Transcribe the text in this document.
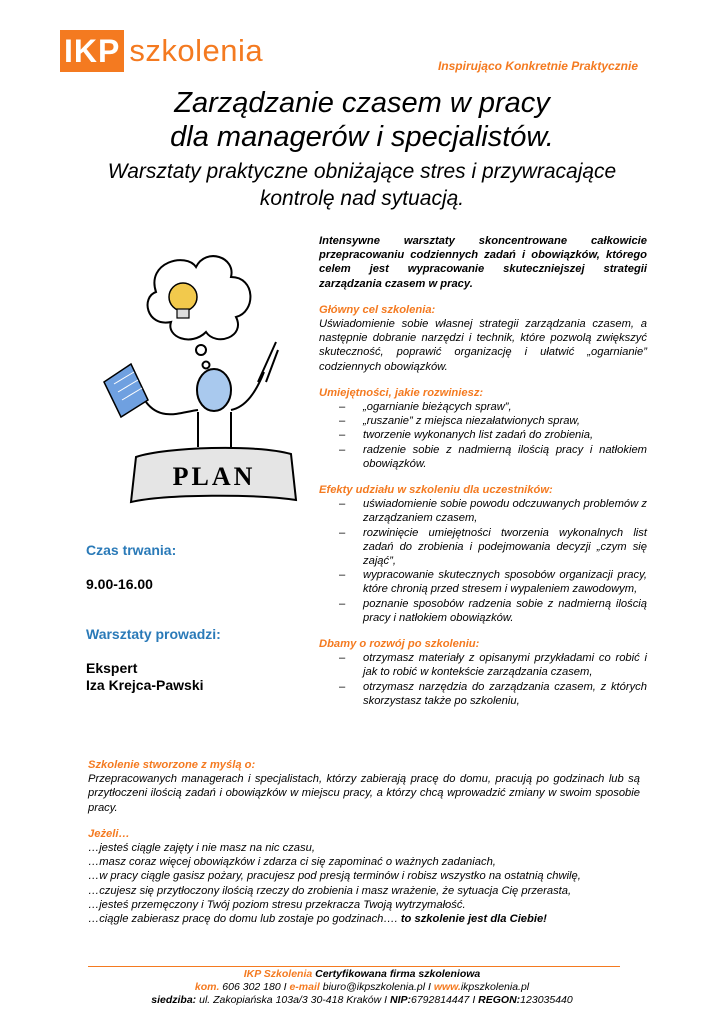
IKP szkolenia	Inspirująco Konkretnie Praktycznie
Zarządzanie czasem w pracy
dla managerów i specjalistów.
Warsztaty praktyczne obniżające stres i przywracające
kontrolę nad sytuacją.
PLAN
Czas trwania:
9.00-16.00
Warsztaty prowadzi:
Ekspert
Iza Krejca-Pawski

Intensywne warsztaty skoncentrowane całkowicie przepracowaniu codziennych zadań i obowiązków, którego celem jest wypracowanie skuteczniejszej strategii zarządzania czasem w pracy.

Główny cel szkolenia:

Uświadomienie sobie własnej strategii zarządzania czasem, a następnie dobranie narzędzi i technik, które pozwolą zwiększyć skuteczność, poprawić organizację i ułatwić „ogarnianie” codziennych obowiązków.

Umiejętności, jakie rozwiniesz:

– „ogarnianie bieżących spraw”,
– „ruszanie” z miejsca niezałatwionych spraw,
– tworzenie wykonanych list zadań do zrobienia,
– radzenie sobie z nadmierną ilością pracy i natłokiem obowiązków.

Efekty udziału w szkoleniu dla uczestników:

– uświadomienie sobie powodu odczuwanych problemów z zarządzaniem czasem,
– rozwinięcie umiejętności tworzenia wykonalnych list zadań do zrobienia i podejmowania decyzji „czym się zająć”,
– wypracowanie skutecznych sposobów organizacji pracy, które chronią przed stresem i wypaleniem zawodowym,
– poznanie sposobów radzenia sobie z nadmierną ilością pracy i natłokiem obowiązków.

Dbamy o rozwój po szkoleniu:

– otrzymasz materiały z opisanymi przykładami co robić i jak to robić w kontekście zarządzania czasem,
– otrzymasz narzędzia do zarządzania czasem, z których skorzystasz także po szkoleniu,

Szkolenie stworzone z myślą o:

Przepracowanych managerach i specjalistach, którzy zabierają pracę do domu, pracują po godzinach lub są przytłoczeni ilością zadań i obowiązków w miejscu pracy, a którzy chcą wprowadzić zmiany w swoim sposobie pracy.

Jeżeli…

…jesteś ciągle zajęty i nie masz na nic czasu,

…masz coraz więcej obowiązków i zdarza ci się zapominać o ważnych zadaniach,

…w pracy ciągle gasisz pożary, pracujesz pod presją terminów i robisz wszystko na ostatnią chwilę,

…czujesz się przytłoczony ilością rzeczy do zrobienia i masz wrażenie, że sytuacja Cię przerasta,

…jesteś przemęczony i Twój poziom stresu przekracza Twoją wytrzymałość.

…ciągle zabierasz pracę do domu lub zostaje po godzinach…. to szkolenie jest dla Ciebie!

IKP Szkolenia Certyfikowana firma szkoleniowa
kom. 606 302 180 I e-mail biuro@ikpszkolenia.pl I www.ikpszkolenia.pl
siedziba: ul. Zakopiańska 103a/3 30-418 Kraków I NIP:6792814447 I REGON:123035440
